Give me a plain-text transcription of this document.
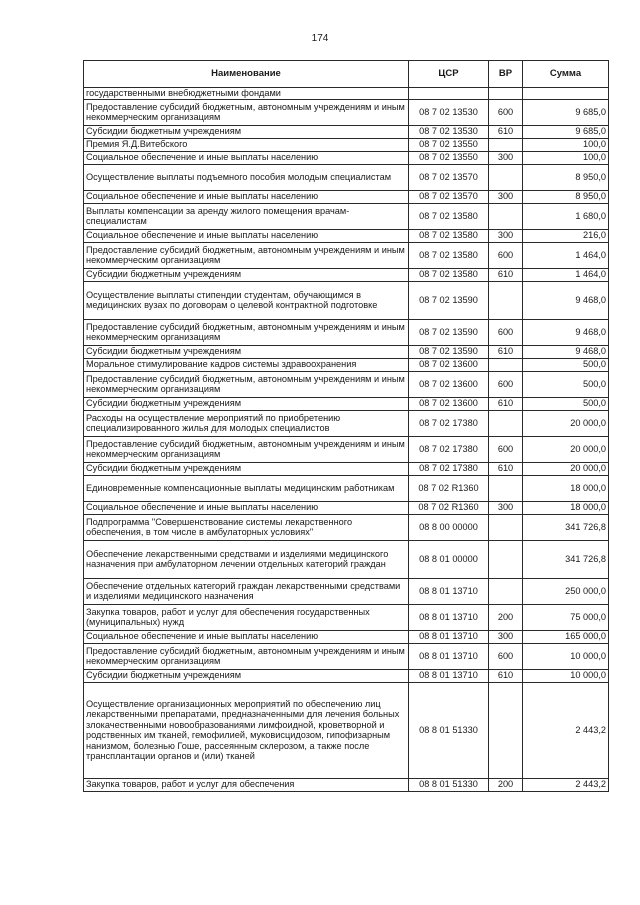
174
Наименование	ЦСР	ВР	Сумма
государственными внебюджетными фондами			
Предоставление субсидий бюджетным, автономным учреждениям и иным некоммерческим организациям	08 7 02 13530	600	9 685,0
Субсидии бюджетным учреждениям	08 7 02 13530	610	9 685,0
Премия Я.Д.Витебского	08 7 02 13550		100,0
Социальное обеспечение и иные выплаты населению	08 7 02 13550	300	100,0
Осуществление выплаты подъемного пособия молодым специалистам	08 7 02 13570		8 950,0
Социальное обеспечение и иные выплаты населению	08 7 02 13570	300	8 950,0
Выплаты компенсации за аренду жилого помещения врачам-специалистам	08 7 02 13580		1 680,0
Социальное обеспечение и иные выплаты населению	08 7 02 13580	300	216,0
Предоставление субсидий бюджетным, автономным учреждениям и иным некоммерческим организациям	08 7 02 13580	600	1 464,0
Субсидии бюджетным учреждениям	08 7 02 13580	610	1 464,0
Осуществление выплаты стипендии студентам, обучающимся в медицинских вузах по договорам о целевой контрактной подготовке	08 7 02 13590		9 468,0
Предоставление субсидий бюджетным, автономным учреждениям и иным некоммерческим организациям	08 7 02 13590	600	9 468,0
Субсидии бюджетным учреждениям	08 7 02 13590	610	9 468,0
Моральное стимулирование кадров системы здравоохранения	08 7 02 13600		500,0
Предоставление субсидий бюджетным, автономным учреждениям и иным некоммерческим организациям	08 7 02 13600	600	500,0
Субсидии бюджетным учреждениям	08 7 02 13600	610	500,0
Расходы на осуществление мероприятий по приобретению специализированного жилья для молодых специалистов	08 7 02 17380		20 000,0
Предоставление субсидий бюджетным, автономным учреждениям и иным некоммерческим организациям	08 7 02 17380	600	20 000,0
Субсидии бюджетным учреждениям	08 7 02 17380	610	20 000,0
Единовременные компенсационные выплаты медицинским работникам	08 7 02 R1360		18 000,0
Социальное обеспечение и иные выплаты населению	08 7 02 R1360	300	18 000,0
Подпрограмма "Совершенствование системы лекарственного обеспечения, в том числе в амбулаторных условиях"	08 8 00 00000		341 726,8
Обеспечение лекарственными средствами и изделиями медицинского назначения при амбулаторном лечении отдельных категорий граждан	08 8 01 00000		341 726,8
Обеспечение отдельных категорий граждан лекарственными средствами и изделиями медицинского назначения	08 8 01 13710		250 000,0
Закупка товаров, работ и услуг для обеспечения государственных (муниципальных) нужд	08 8 01 13710	200	75 000,0
Социальное обеспечение и иные выплаты населению	08 8 01 13710	300	165 000,0
Предоставление субсидий бюджетным, автономным учреждениям и иным некоммерческим организациям	08 8 01 13710	600	10 000,0
Субсидии бюджетным учреждениям	08 8 01 13710	610	10 000,0
Осуществление организационных мероприятий по обеспечению лиц лекарственными препаратами, предназначенными для лечения больных злокачественными новообразованиями лимфоидной, кроветворной и родственных им тканей, гемофилией, муковисцидозом, гипофизарным нанизмом, болезнью Гоше, рассеянным склерозом, а также после трансплантации органов и (или) тканей	08 8 01 51330		2 443,2
Закупка товаров, работ и услуг для обеспечения	08 8 01 51330	200	2 443,2
